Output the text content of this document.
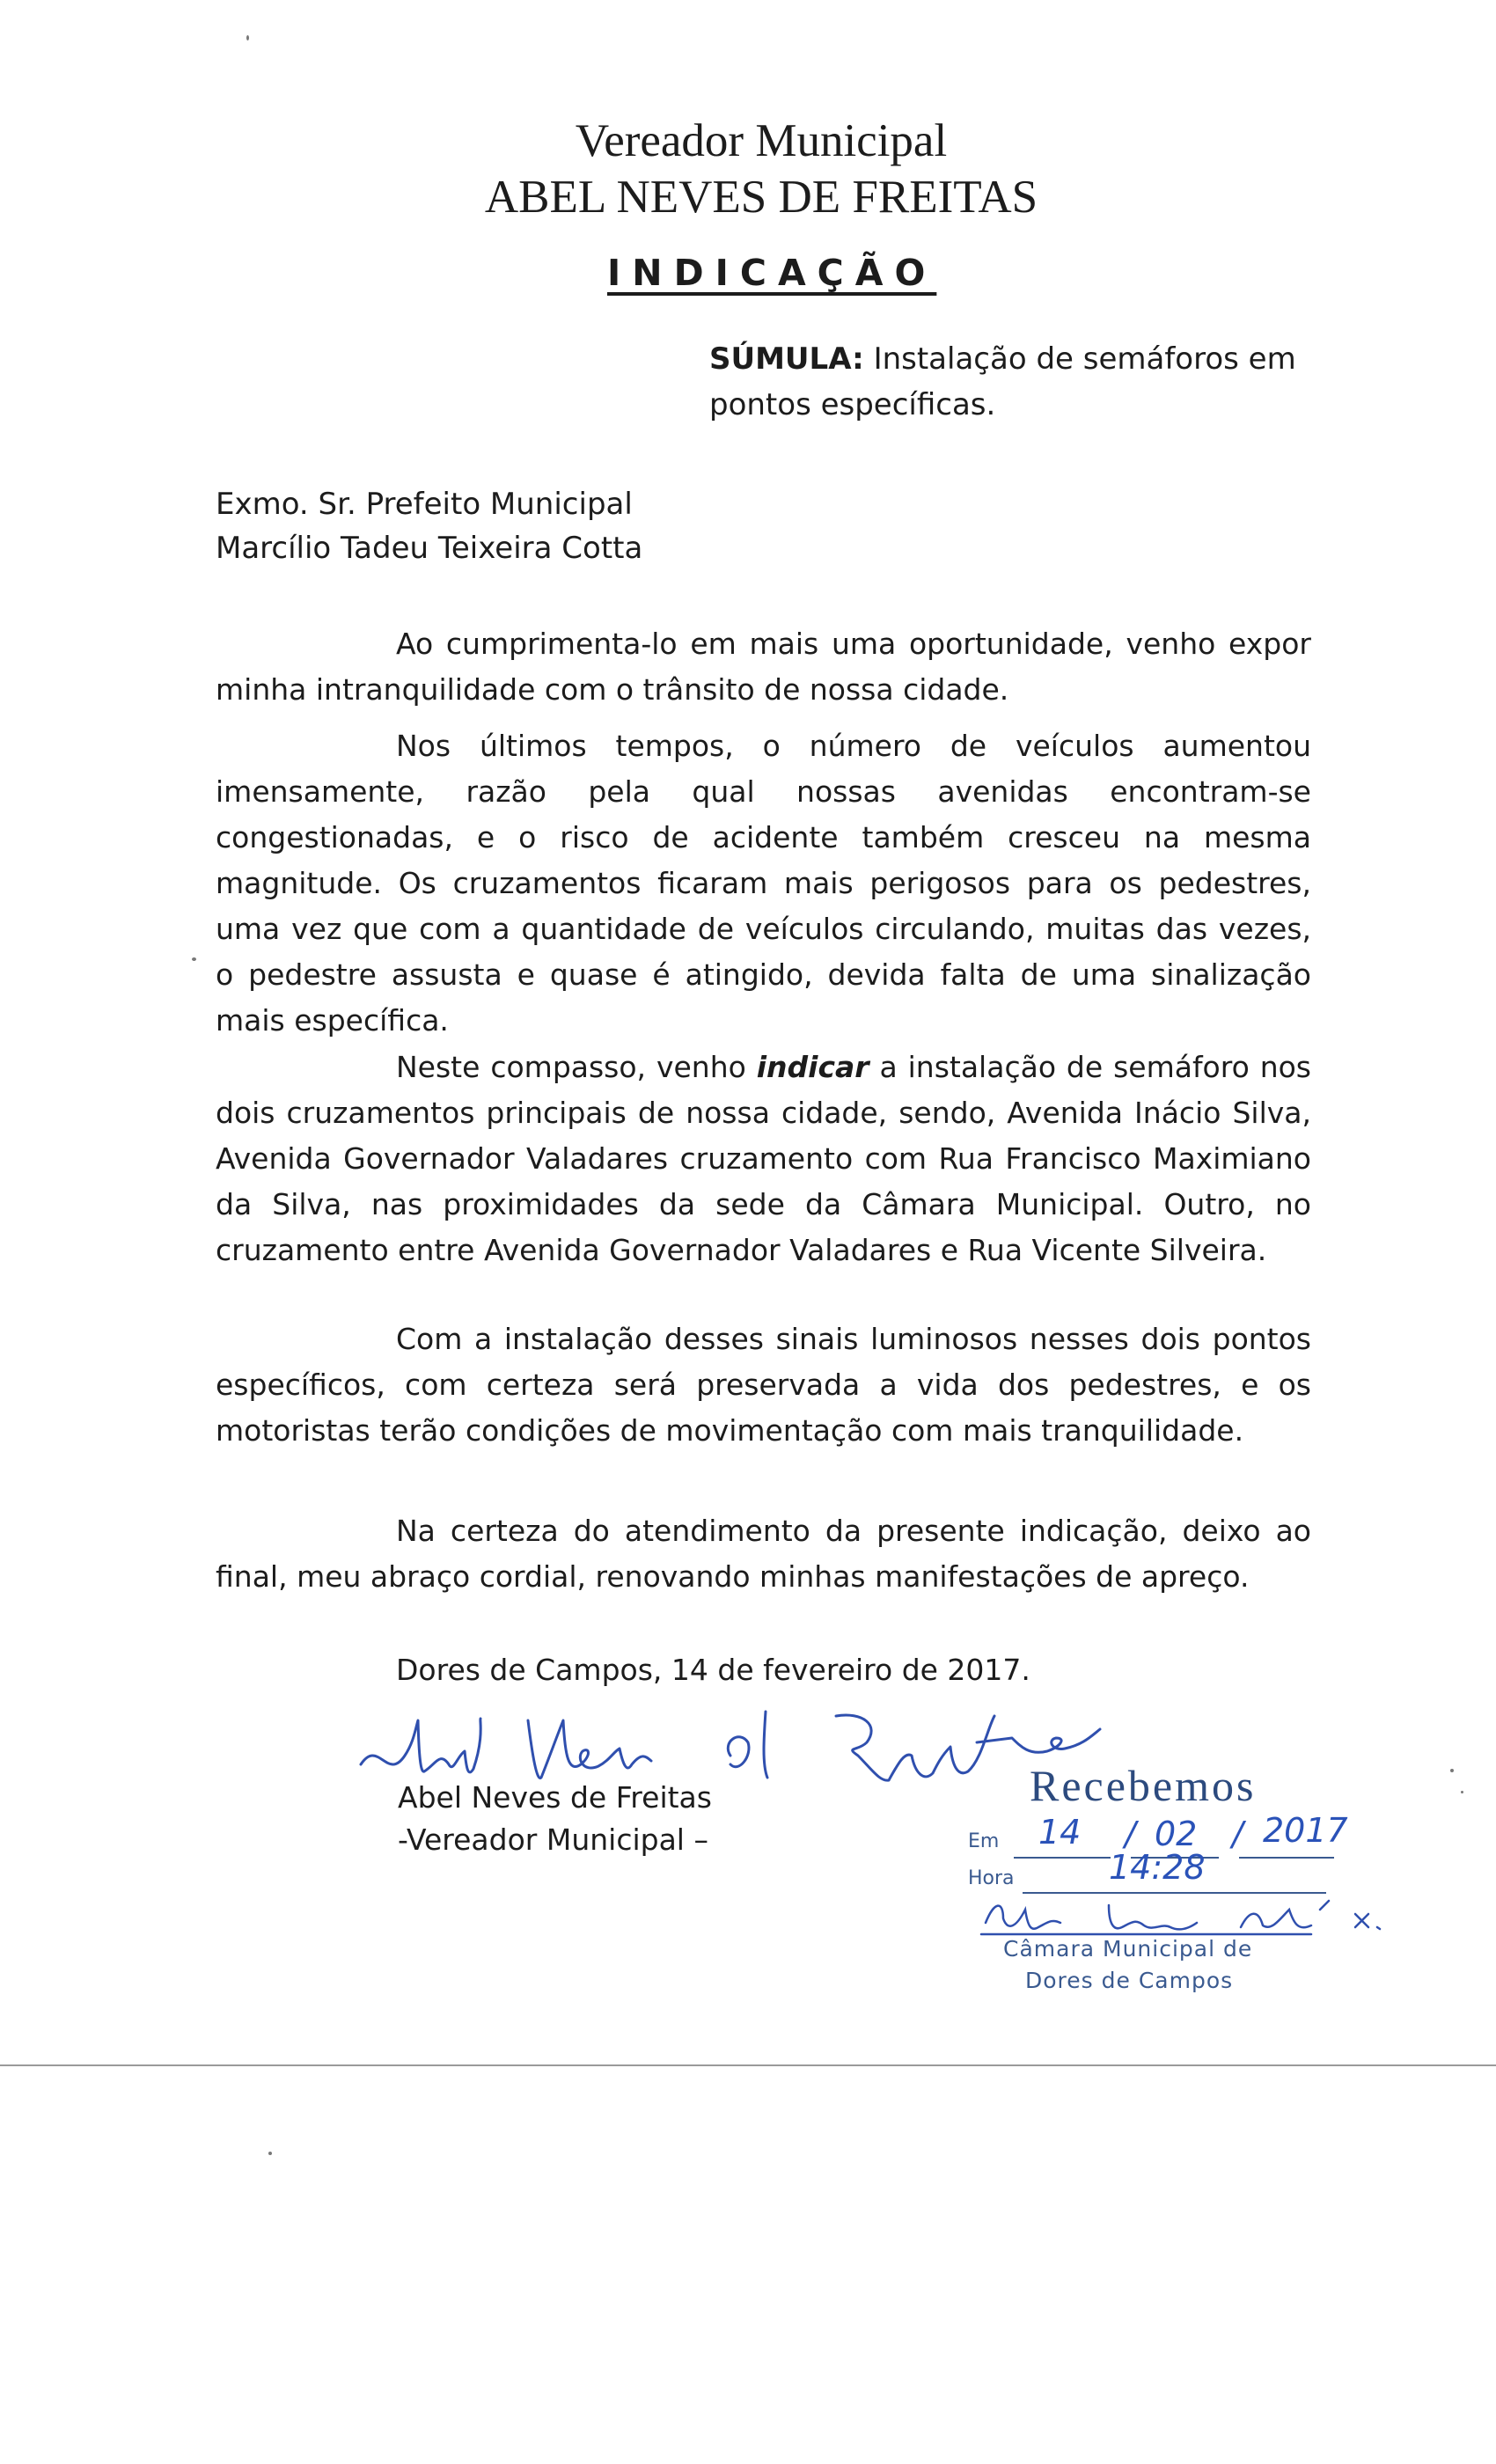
Vereador Municipal
ABEL NEVES DE FREITAS
INDICAÇÃO
SÚMULA: Instalação de semáforos em pontos específicas.
Exmo. Sr. Prefeito Municipal
Marcílio Tadeu Teixeira Cotta
Ao cumprimenta-lo em mais uma oportunidade, venho expor minha intranquilidade com o trânsito de nossa cidade.
Nos últimos tempos, o número de veículos aumentou imensamente, razão pela qual nossas avenidas encontram-se congestionadas, e o risco de acidente também cresceu na mesma magnitude. Os cruzamentos ficaram mais perigosos para os pedestres, uma vez que com a quantidade de veículos circulando, muitas das vezes, o pedestre assusta e quase é atingido, devida falta de uma sinalização mais específica.
Neste compasso, venho indicar a instalação de semáforo nos dois cruzamentos principais de nossa cidade, sendo, Avenida Inácio Silva, Avenida Governador Valadares cruzamento com Rua Francisco Maximiano da Silva, nas proximidades da sede da Câmara Municipal. Outro, no cruzamento entre Avenida Governador Valadares e Rua Vicente Silveira.
Com a instalação desses sinais luminosos nesses dois pontos específicos, com certeza será preservada a vida dos pedestres, e os motoristas terão condições de movimentação com mais tranquilidade.
Na certeza do atendimento da presente indicação, deixo ao final, meu abraço cordial, renovando minhas manifestações de apreço.
Dores de Campos, 14 de fevereiro de 2017.
Abel Neves de Freitas
-Vereador Municipal –
Recebemos
Em 14 / 02 / 2017
Hora	14:28
Câmara Municipal de
Dores de Campos
